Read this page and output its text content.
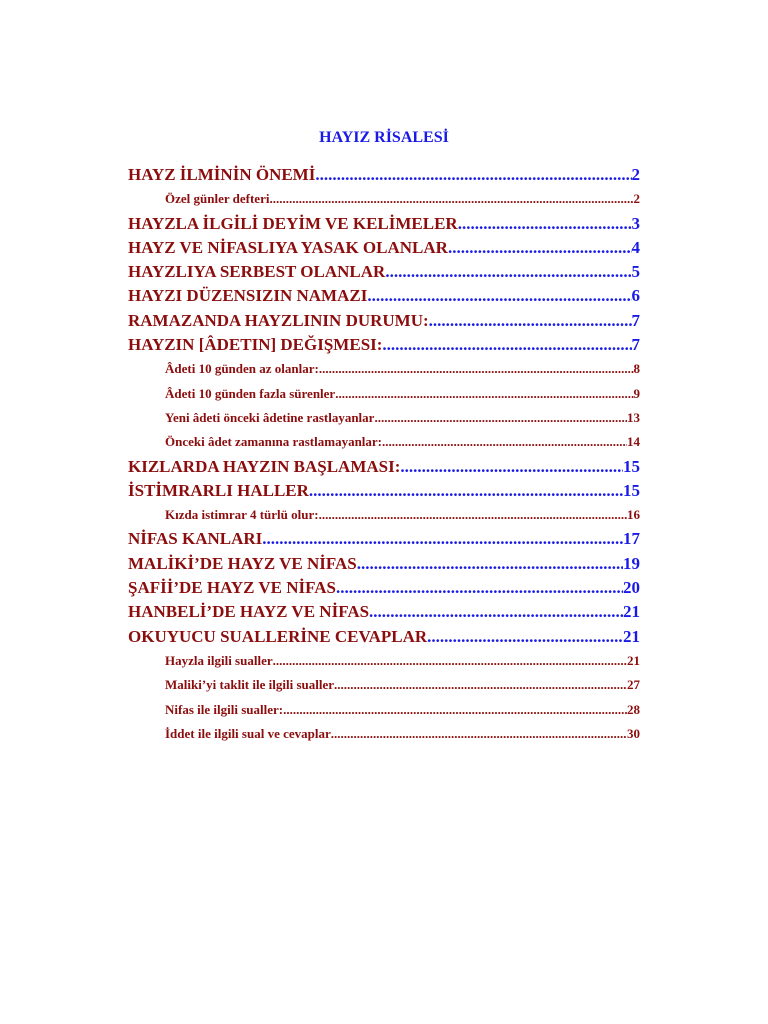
HAYIZ RİSALESİ
HAYZ İLMİNİN ÖNEMİ .....	2
Özel günler defteri .....	2
HAYZLA İLGİLİ DEYİM VE KELİMELER .....	3
HAYZ VE NİFASLIYA YASAK OLANLAR .....	4
HAYZLIYA SERBEST OLANLAR .....	5
HAYZI DÜZENSIZIN NAMAZI .....	6
RAMAZANDA HAYZLININ DURUMU: .....	7
HAYZIN [ÂDETIN] DEĞIŞMESI: .....	7
Âdeti 10 günden az olanlar: .....	8
Âdeti 10 günden fazla sürenler .....	9
Yeni âdeti önceki âdetine rastlayanlar .....	13
Önceki âdet zamanına rastlamayanlar: .....	14
KIZLARDA HAYZIN BAŞLAMASI: .....	15
İSTİMRARLI HALLER .....	15
Kızda istimrar 4 türlü olur: .....	16
NİFAS KANLARI .....	17
MALİKİ’DE HAYZ VE NİFAS .....	19
ŞAFİİ’DE HAYZ VE NİFAS .....	20
HANBELİ’DE HAYZ VE NİFAS .....	21
OKUYUCU SUALLERİNE CEVAPLAR .....	21
Hayzla ilgili sualler .....	21
Maliki’yi taklit ile ilgili sualler .....	27
Nifas ile ilgili sualler: .....	28
İddet ile ilgili sual ve cevaplar .....	30
